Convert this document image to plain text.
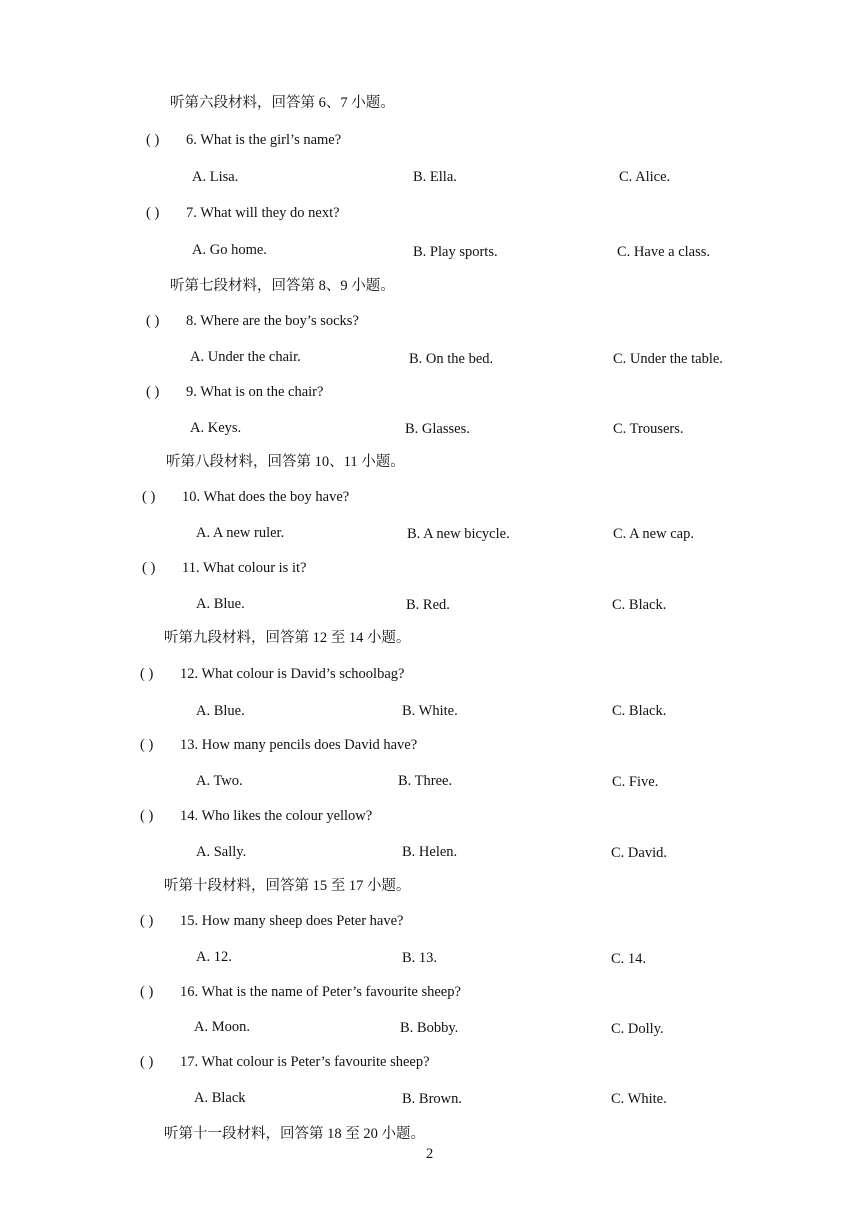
听第六段材料，回答第 6、7 小题。
( )	6. What is the girl’s name?
A. Lisa.	B. Ella.	C. Alice.
( )	7. What will they do next?
A. Go home.	B. Play sports.	C. Have a class.
听第七段材料，回答第 8、9 小题。
( )	8. Where are the boy’s socks?
A. Under the chair.	B. On the bed.	C. Under the table.
( )	9. What is on the chair?
A. Keys.	B. Glasses.	C. Trousers.
听第八段材料，回答第 10、11 小题。
( )	10. What does the boy have?
A. A new ruler.	B. A new bicycle.	C. A new cap.
( )	11. What colour is it?
A. Blue.	B. Red.	C. Black.
听第九段材料，回答第 12 至 14 小题。
( )	12. What colour is David’s schoolbag?
A. Blue.	B. White.	C. Black.
( )	13. How many pencils does David have?
A. Two.	B. Three.	C. Five.
( )	14. Who likes the colour yellow?
A. Sally.	B. Helen.	C. David.
听第十段材料，回答第 15 至 17 小题。
( )	15. How many sheep does Peter have?
A. 12.	B. 13.	C. 14.
( )	16. What is the name of Peter’s favourite sheep?
A. Moon.	B. Bobby.	C. Dolly.
( )	17. What colour is Peter’s favourite sheep?
A. Black	B. Brown.	C. White.
听第十一段材料，回答第 18 至 20 小题。
2
